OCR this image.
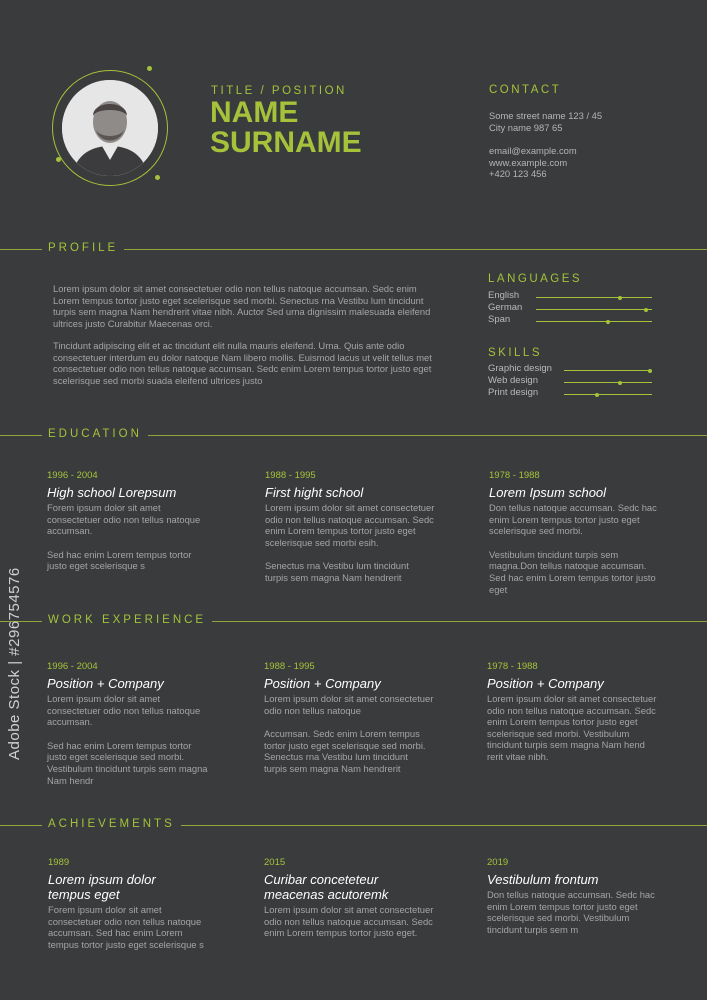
TITLE / POSITION
NAME
SURNAME
CONTACT
Some street name 123 / 45
City name 987 65
email@example.com
www.example.com
+420 123 456
PROFILE
Lorem ipsum dolor sit amet consectetuer odio non tellus natoque accumsan. Sedc enim
Lorem tempus tortor justo eget scelerisque sed morbi. Senectus rna Vestibu lum tincidunt
turpis sem magna Nam hendrerit vitae nibh. Auctor Sed urna dignissim malesuada eleifend
ultrices justo Curabitur Maecenas orci.
Tincidunt adipiscing elit et ac tincidunt elit nulla mauris eleifend. Urna. Quis ante odio
consectetuer interdum eu dolor natoque Nam libero mollis. Euismod lacus ut velit tellus met
consectetuer odio non tellus natoque accumsan. Sedc enim Lorem tempus tortor justo eget
scelerisque sed morbi suada eleifend ultrices justo
LANGUAGES
English
German
Span
SKILLS
Graphic design
Web design
Print design
EDUCATION
1996 - 2004
High school Lorepsum
Forem ipsum dolor sit amet
consectetuer odio non tellus natoque
accumsan.
Sed hac enim Lorem tempus tortor
justo eget scelerisque s
1988 - 1995
First hight school
Lorem ipsum dolor sit amet consectetuer
odio non tellus natoque accumsan. Sedc
enim Lorem tempus tortor justo eget
scelerisque sed morbi esih.
Senectus rna Vestibu lum tincidunt
turpis sem magna Nam hendrerit
1978 - 1988
Lorem Ipsum school
Don tellus natoque accumsan. Sedc hac
enim Lorem tempus tortor justo eget
scelerisque sed morbi.
Vestibulum tincidunt turpis sem
magna.Don tellus natoque accumsan.
Sed hac enim Lorem tempus tortor justo
eget
WORK EXPERIENCE
1996 - 2004
Position + Company
Lorem ipsum dolor sit amet
consectetuer odio non tellus natoque
accumsan.
Sed hac enim Lorem tempus tortor
justo eget scelerisque sed morbi.
Vestibulum tincidunt turpis sem magna
Nam hendr
1988 - 1995
Position + Company
Lorem ipsum dolor sit amet consectetuer
odio non tellus natoque
Accumsan. Sedc enim Lorem tempus
tortor justo eget scelerisque sed morbi.
Senectus rna Vestibu lum tincidunt
turpis sem magna Nam hendrerit
1978 - 1988
Position + Company
Lorem ipsum dolor sit amet consectetuer
odio non tellus natoque accumsan. Sedc
enim Lorem tempus tortor justo eget
scelerisque sed morbi. Vestibulum
tincidunt turpis sem magna Nam hend
rerit vitae nibh.
ACHIEVEMENTS
1989
Lorem ipsum dolor
tempus eget
Forem ipsum dolor sit amet
consectetuer odio non tellus natoque
accumsan. Sed hac enim Lorem
tempus tortor justo eget scelerisque s
2015
Curibar conceteteur
meacenas acutoremk
Lorem ipsum dolor sit amet consectetuer
odio non tellus natoque accumsan. Sedc
enim Lorem tempus tortor justo eget.
2019
Vestibulum frontum
Don tellus natoque accumsan. Sedc hac
enim Lorem tempus tortor justo eget
scelerisque sed morbi. Vestibulum
tincidunt turpis sem m
Adobe Stock | #296754576
